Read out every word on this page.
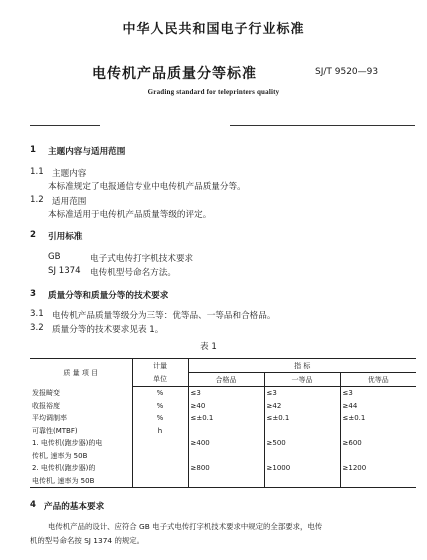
中华人民共和国电子行业标准
电传机产品质量分等标准	SJ/T 9520—93
Grading standard for teleprinters quality
1 主题内容与适用范围
1.1 主题内容
本标准规定了电报通信专业中电传机产品质量分等。
1.2 适用范围
本标准适用于电传机产品质量等级的评定。
2 引用标准
GB	电子式电传打字机技术要求
SJ 1374 电传机型号命名方法。
3 质量分等和质量分等的技术要求
3.1 电传机产品质量等级分为三等：优等品、一等品和合格品。
3.2 质量分等的技术要求见表 1。
表 1
质 量 项 目	计量	指 标		
	单位	合格品	一等品	优等品
发报畸变	%	≤3	≤3	≤3
收报裕度	%	≥40	≥42	≥44
平均调制率	%	≤±0.1	≤±0.1	≤±0.1
可靠性(MTBF)	h			
1. 电传机(跑步器)的电		≥400	≥500	≥600
传机, 速率为 50B				
2. 电传机(跑步器)的		≥800	≥1000	≥1200
电传机, 速率为 50B				
4 产品的基本要求
电传机产品的设计、应符合 GB 电子式电传打字机技术要求中规定的全部要求，电传
机的型号命名按 SJ 1374 的规定。
